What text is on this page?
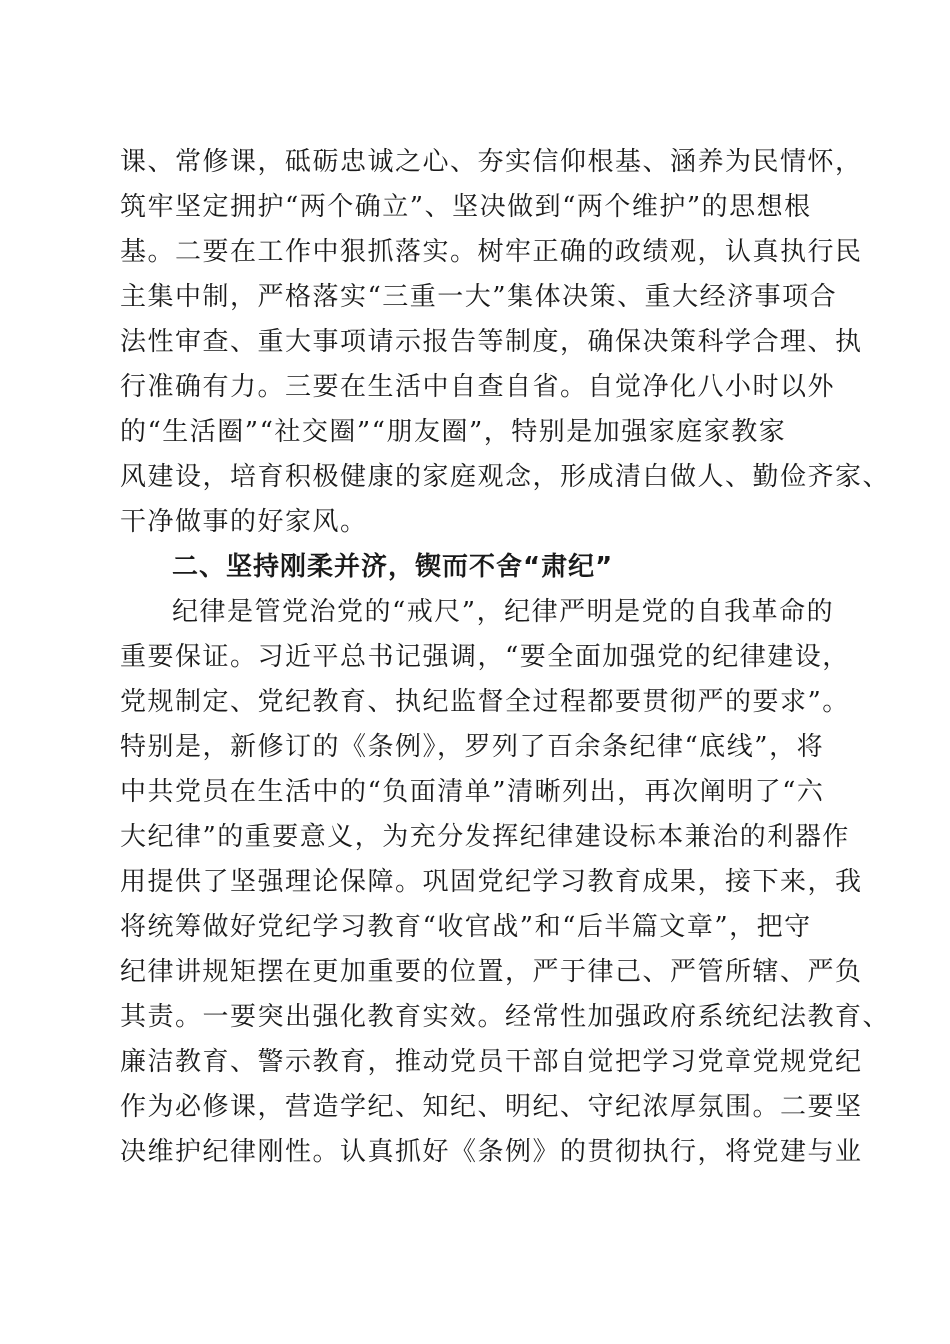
课、常修课，砥砺忠诚之心、夯实信仰根基、涵养为民情怀，
筑牢坚定拥护“两个确立”、坚决做到“两个维护”的思想根
基。二要在工作中狠抓落实。树牢正确的政绩观，认真执行民
主集中制，严格落实“三重一大”集体决策、重大经济事项合
法性审查、重大事项请示报告等制度，确保决策科学合理、执
行准确有力。三要在生活中自查自省。自觉净化八小时以外
的“生活圈”“社交圈”“朋友圈”，特别是加强家庭家教家
风建设，培育积极健康的家庭观念，形成清白做人、勤俭齐家、
干净做事的好家风。
二、坚持刚柔并济，锲而不舍“肃纪”
纪律是管党治党的“戒尺”，纪律严明是党的自我革命的
重要保证。习近平总书记强调，“要全面加强党的纪律建设，
党规制定、党纪教育、执纪监督全过程都要贯彻严的要求”。
特别是，新修订的《条例》，罗列了百余条纪律“底线”，将
中共党员在生活中的“负面清单”清晰列出，再次阐明了“六
大纪律”的重要意义，为充分发挥纪律建设标本兼治的利器作
用提供了坚强理论保障。巩固党纪学习教育成果，接下来，我
将统筹做好党纪学习教育“收官战”和“后半篇文章”，把守
纪律讲规矩摆在更加重要的位置，严于律己、严管所辖、严负
其责。一要突出强化教育实效。经常性加强政府系统纪法教育、
廉洁教育、警示教育，推动党员干部自觉把学习党章党规党纪
作为必修课，营造学纪、知纪、明纪、守纪浓厚氛围。二要坚
决维护纪律刚性。认真抓好《条例》的贯彻执行，将党建与业
